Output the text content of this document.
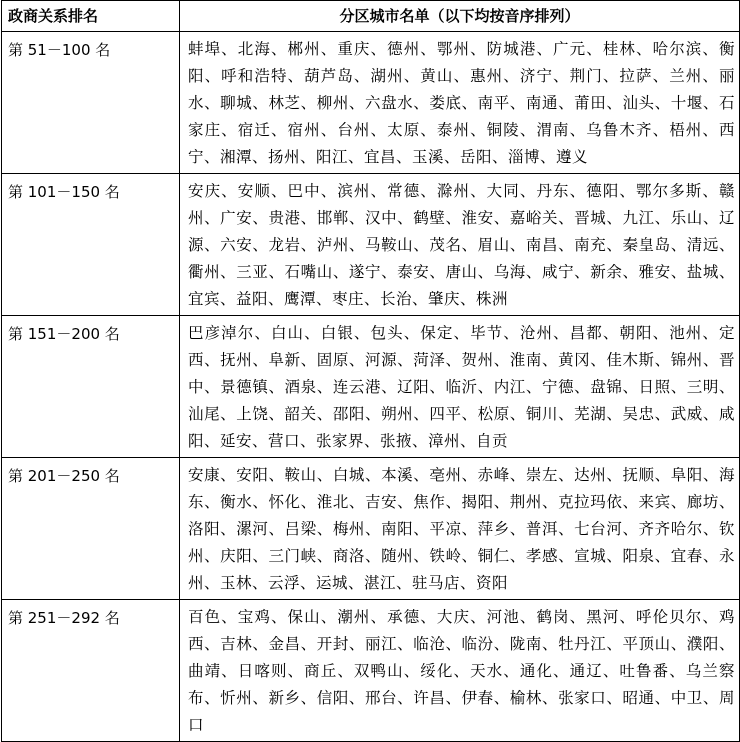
政商关系排名	分区城市名单（以下均按音序排列）
第 51－100 名	蚌埠、北海、郴州、重庆、德州、鄂州、防城港、广元、桂林、哈尔滨、衡阳、呼和浩特、葫芦岛、湖州、黄山、惠州、济宁、荆门、拉萨、兰州、丽水、聊城、林芝、柳州、六盘水、娄底、南平、南通、莆田、汕头、十堰、石家庄、宿迁、宿州、台州、太原、泰州、铜陵、渭南、乌鲁木齐、梧州、西宁、湘潭、扬州、阳江、宜昌、玉溪、岳阳、淄博、遵义
第 101－150 名	安庆、安顺、巴中、滨州、常德、滁州、大同、丹东、德阳、鄂尔多斯、赣州、广安、贵港、邯郸、汉中、鹤壁、淮安、嘉峪关、晋城、九江、乐山、辽源、六安、龙岩、泸州、马鞍山、茂名、眉山、南昌、南充、秦皇岛、清远、衢州、三亚、石嘴山、遂宁、泰安、唐山、乌海、咸宁、新余、雅安、盐城、宜宾、益阳、鹰潭、枣庄、长治、肇庆、株洲
第 151－200 名	巴彦淖尔、白山、白银、包头、保定、毕节、沧州、昌都、朝阳、池州、定西、抚州、阜新、固原、河源、菏泽、贺州、淮南、黄冈、佳木斯、锦州、晋中、景德镇、酒泉、连云港、辽阳、临沂、内江、宁德、盘锦、日照、三明、汕尾、上饶、韶关、邵阳、朔州、四平、松原、铜川、芜湖、吴忠、武威、咸阳、延安、营口、张家界、张掖、漳州、自贡
第 201－250 名	安康、安阳、鞍山、白城、本溪、亳州、赤峰、崇左、达州、抚顺、阜阳、海东、衡水、怀化、淮北、吉安、焦作、揭阳、荆州、克拉玛依、来宾、廊坊、洛阳、漯河、吕梁、梅州、南阳、平凉、萍乡、普洱、七台河、齐齐哈尔、钦州、庆阳、三门峡、商洛、随州、铁岭、铜仁、孝感、宣城、阳泉、宜春、永州、玉林、云浮、运城、湛江、驻马店、资阳
第 251－292 名	百色、宝鸡、保山、潮州、承德、大庆、河池、鹤岗、黑河、呼伦贝尔、鸡西、吉林、金昌、开封、丽江、临沧、临汾、陇南、牡丹江、平顶山、濮阳、曲靖、日喀则、商丘、双鸭山、绥化、天水、通化、通辽、吐鲁番、乌兰察布、忻州、新乡、信阳、邢台、许昌、伊春、榆林、张家口、昭通、中卫、周口
